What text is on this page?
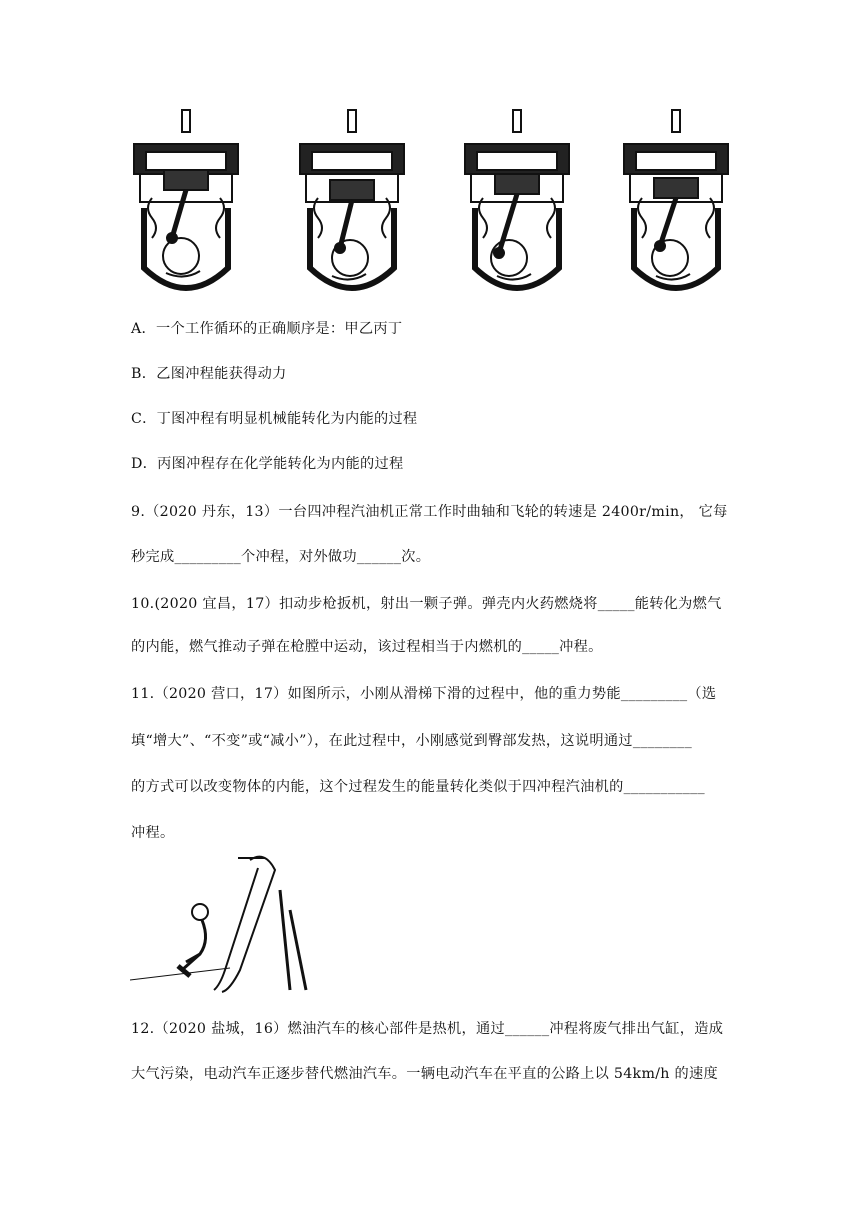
A．一个工作循环的正确顺序是：甲乙丙丁
B．乙图冲程能获得动力
C．丁图冲程有明显机械能转化为内能的过程
D．丙图冲程存在化学能转化为内能的过程
9.（2020 丹东，13）一台四冲程汽油机正常工作时曲轴和飞轮的转速是 2400r/min， 它每
秒完成_________个冲程，对外做功______次。
10.(2020 宜昌，17）扣动步枪扳机，射出一颗子弹。弹壳内火药燃烧将_____能转化为燃气
的内能，燃气推动子弹在枪膛中运动，该过程相当于内燃机的_____冲程。
11.（2020 营口，17）如图所示，小刚从滑梯下滑的过程中，他的重力势能_________（选
填“增大”、“不变”或“减小”），在此过程中，小刚感觉到臀部发热，这说明通过________
的方式可以改变物体的内能，这个过程发生的能量转化类似于四冲程汽油机的___________
冲程。
12.（2020 盐城，16）燃油汽车的核心部件是热机，通过______冲程将废气排出气缸，造成
大气污染，电动汽车正逐步替代燃油汽车。一辆电动汽车在平直的公路上以 54km/h 的速度
